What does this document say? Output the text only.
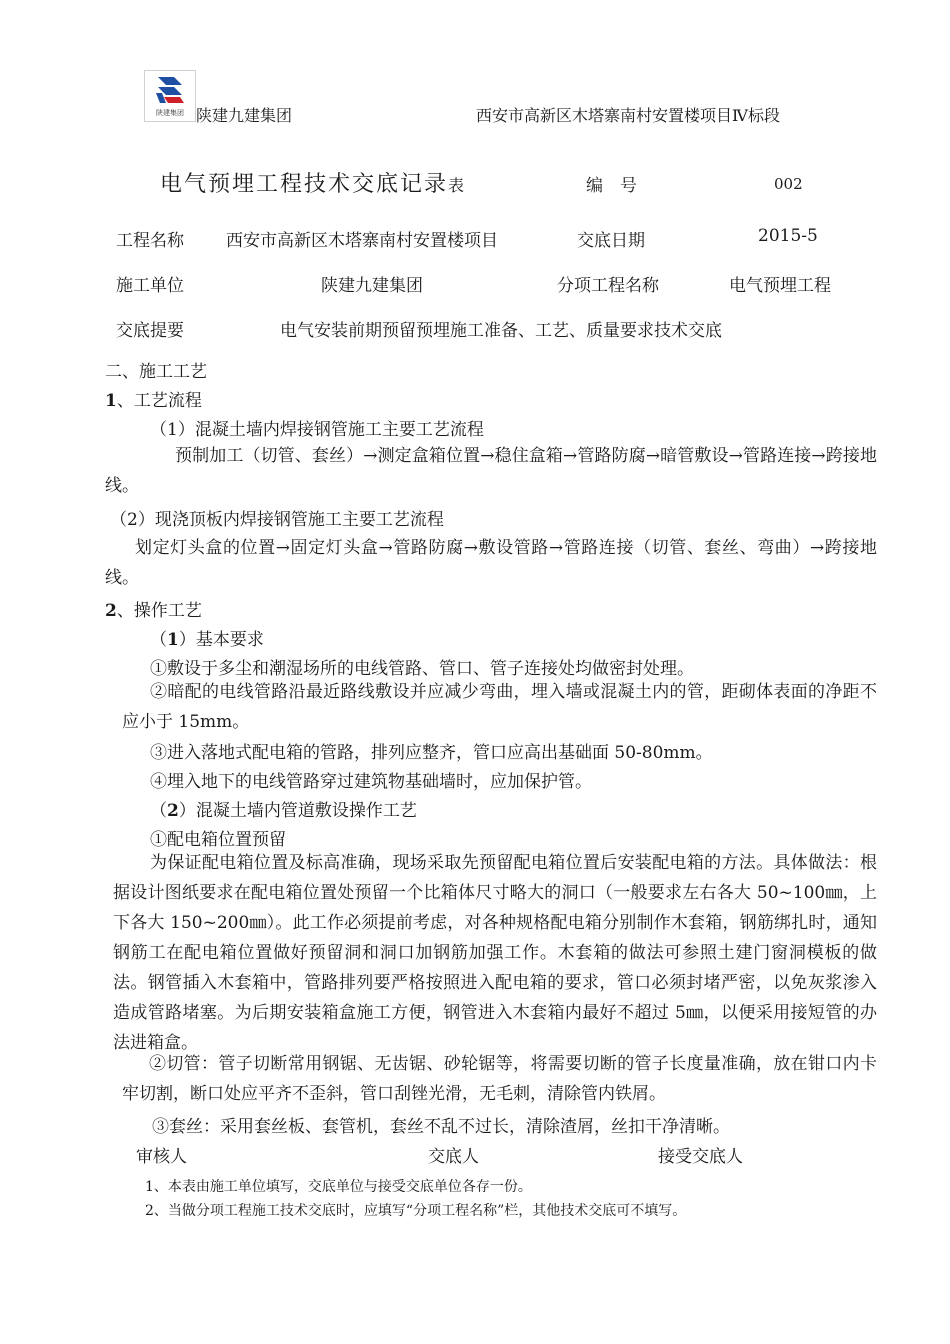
陕建集团 陕建九建集团	西安市高新区木塔寨南村安置楼项目Ⅳ标段
电气预埋工程技术交底记录表	编　号	002
工程名称 西安市高新区木塔寨南村安置楼项目	交底日期	2015-5
施工单位	陕建九建集团	分项工程名称	电气预埋工程
交底提要	电气安装前期预留预埋施工准备、工艺、质量要求技术交底

二、施工工艺

1、工艺流程

（1）混凝土墙内焊接钢管施工主要工艺流程

预制加工（切管、套丝）→测定盒箱位置→稳住盒箱→管路防腐→暗管敷设→管路连接→跨接地线。

（2）现浇顶板内焊接钢管施工主要工艺流程

划定灯头盒的位置→固定灯头盒→管路防腐→敷设管路→管路连接（切管、套丝、弯曲）→跨接地线。

2、操作工艺

（1）基本要求

①敷设于多尘和潮湿场所的电线管路、管口、管子连接处均做密封处理。

②暗配的电线管路沿最近路线敷设并应减少弯曲，埋入墙或混凝土内的管，距砌体表面的净距不应小于 15mm。

③进入落地式配电箱的管路，排列应整齐，管口应高出基础面 50-80mm。

④埋入地下的电线管路穿过建筑物基础墙时，应加保护管。

（2）混凝土墙内管道敷设操作工艺

①配电箱位置预留

为保证配电箱位置及标高准确，现场采取先预留配电箱位置后安装配电箱的方法。具体做法：根据设计图纸要求在配电箱位置处预留一个比箱体尺寸略大的洞口（一般要求左右各大 50~100㎜，上下各大 150~200㎜）。此工作必须提前考虑，对各种规格配电箱分别制作木套箱，钢筋绑扎时，通知钢筋工在配电箱位置做好预留洞和洞口加钢筋加强工作。木套箱的做法可参照土建门窗洞模板的做法。钢管插入木套箱中，管路排列要严格按照进入配电箱的要求，管口必须封堵严密，以免灰浆渗入造成管路堵塞。为后期安装箱盒施工方便，钢管进入木套箱内最好不超过 5㎜，以便采用接短管的办法进箱盒。

②切管：管子切断常用钢锯、无齿锯、砂轮锯等，将需要切断的管子长度量准确，放在钳口内卡牢切割，断口处应平齐不歪斜，管口刮锉光滑，无毛刺，清除管内铁屑。

③套丝：采用套丝板、套管机，套丝不乱不过长，清除渣屑，丝扣干净清晰。

审核人	交底人	接受交底人
1、本表由施工单位填写，交底单位与接受交底单位各存一份。
2、当做分项工程施工技术交底时，应填写“分项工程名称”栏，其他技术交底可不填写。
